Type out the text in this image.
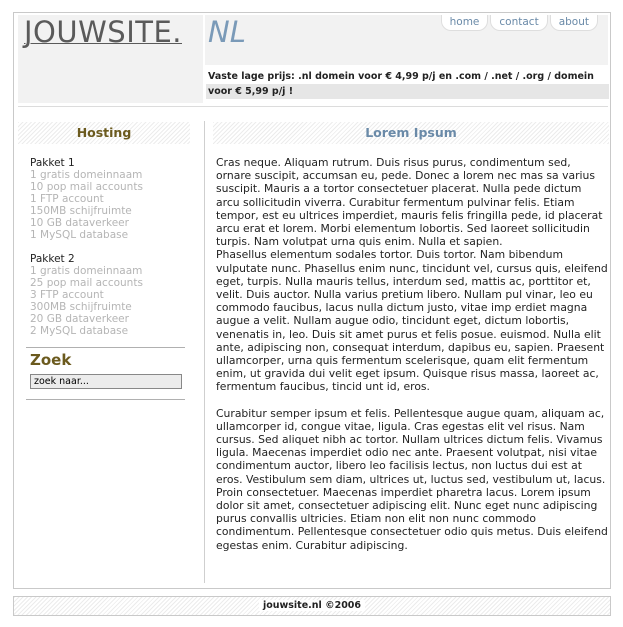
JOUWSITE. NL	home	contact	about
Vaste lage prijs: .nl domein voor € 4,99 p/j en .com / .net / .org / domein
voor € 5,99 p/j !
Hosting
Pakket 1
1 gratis domeinnaam
10 pop mail accounts
1 FTP account
150MB schijfruimte
10 GB dataverkeer
1 MySQL database
Pakket 2
1 gratis domeinnaam
25 pop mail accounts
3 FTP account
300MB schijfruimte
20 GB dataverkeer
2 MySQL database
Zoek
zoek naar...
Lorem Ipsum

Cras neque. Aliquam rutrum. Duis risus purus, condimentum sed, ornare suscipit, accumsan eu, pede. Donec a lorem nec mas sa varius suscipit. Mauris a a tortor consectetuer placerat. Nulla pede dictum arcu sollicitudin viverra. Curabitur fermentum pulvinar felis. Etiam tempor, est eu ultrices imperdiet, mauris felis fringilla pede, id placerat arcu erat et lorem. Morbi elementum lobortis. Sed laoreet sollicitudin turpis. Nam volutpat urna quis enim. Nulla et sapien.

Phasellus elementum sodales tortor. Duis tortor. Nam bibendum vulputate nunc. Phasellus enim nunc, tincidunt vel, cursus quis, eleifend eget, turpis. Nulla mauris tellus, interdum sed, mattis ac, porttitor et, velit. Duis auctor. Nulla varius pretium libero. Nullam pul vinar, leo eu commodo faucibus, lacus nulla dictum justo, vitae imp erdiet magna augue a velit. Nullam augue odio, tincidunt eget, dictum lobortis, venenatis in, leo. Duis sit amet purus et felis posue. euismod. Nulla elit ante, adipiscing non, consequat interdum, dapibus eu, sapien. Praesent ullamcorper, urna quis fermentum scelerisque, quam elit fermentum enim, ut gravida dui velit eget ipsum. Quisque risus massa, laoreet ac, fermentum faucibus, tincid unt id, eros.

Curabitur semper ipsum et felis. Pellentesque augue quam, aliquam ac, ullamcorper id, congue vitae, ligula. Cras egestas elit vel risus. Nam cursus. Sed aliquet nibh ac tortor. Nullam ultrices dictum felis. Vivamus ligula. Maecenas imperdiet odio nec ante. Praesent volutpat, nisi vitae condimentum auctor, libero leo facilisis lectus, non luctus dui est at eros. Vestibulum sem diam, ultrices ut, luctus sed, vestibulum ut, lacus. Proin consectetuer. Maecenas imperdiet pharetra lacus. Lorem ipsum dolor sit amet, consectetuer adipiscing elit. Nunc eget nunc adipiscing purus convallis ultricies. Etiam non elit non nunc commodo condimentum. Pellentesque consectetuer odio quis metus. Duis eleifend egestas enim. Curabitur adipiscing.

jouwsite.nl ©2006
